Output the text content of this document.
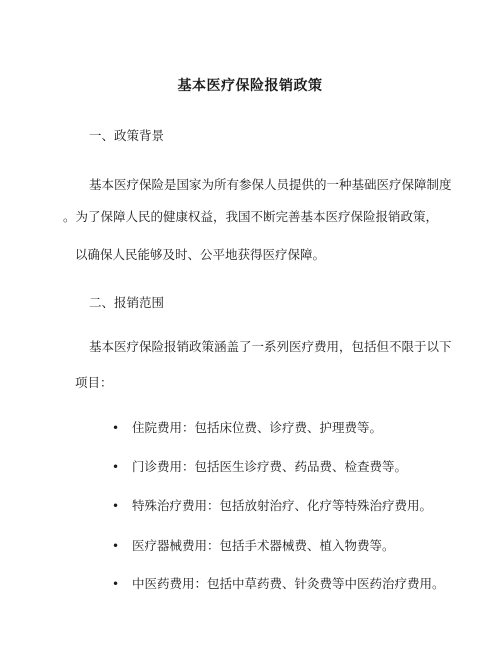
基本医疗保险报销政策
一、政策背景
基本医疗保险是国家为所有参保人员提供的一种基础医疗保障制度
。为了保障人民的健康权益，我国不断完善基本医疗保险报销政策，
以确保人民能够及时、公平地获得医疗保障。
二、报销范围
基本医疗保险报销政策涵盖了一系列医疗费用，包括但不限于以下
项目：
• 住院费用：包括床位费、诊疗费、护理费等。
• 门诊费用：包括医生诊疗费、药品费、检查费等。
• 特殊治疗费用：包括放射治疗、化疗等特殊治疗费用。
• 医疗器械费用：包括手术器械费、植入物费等。
• 中医药费用：包括中草药费、针灸费等中医药治疗费用。
